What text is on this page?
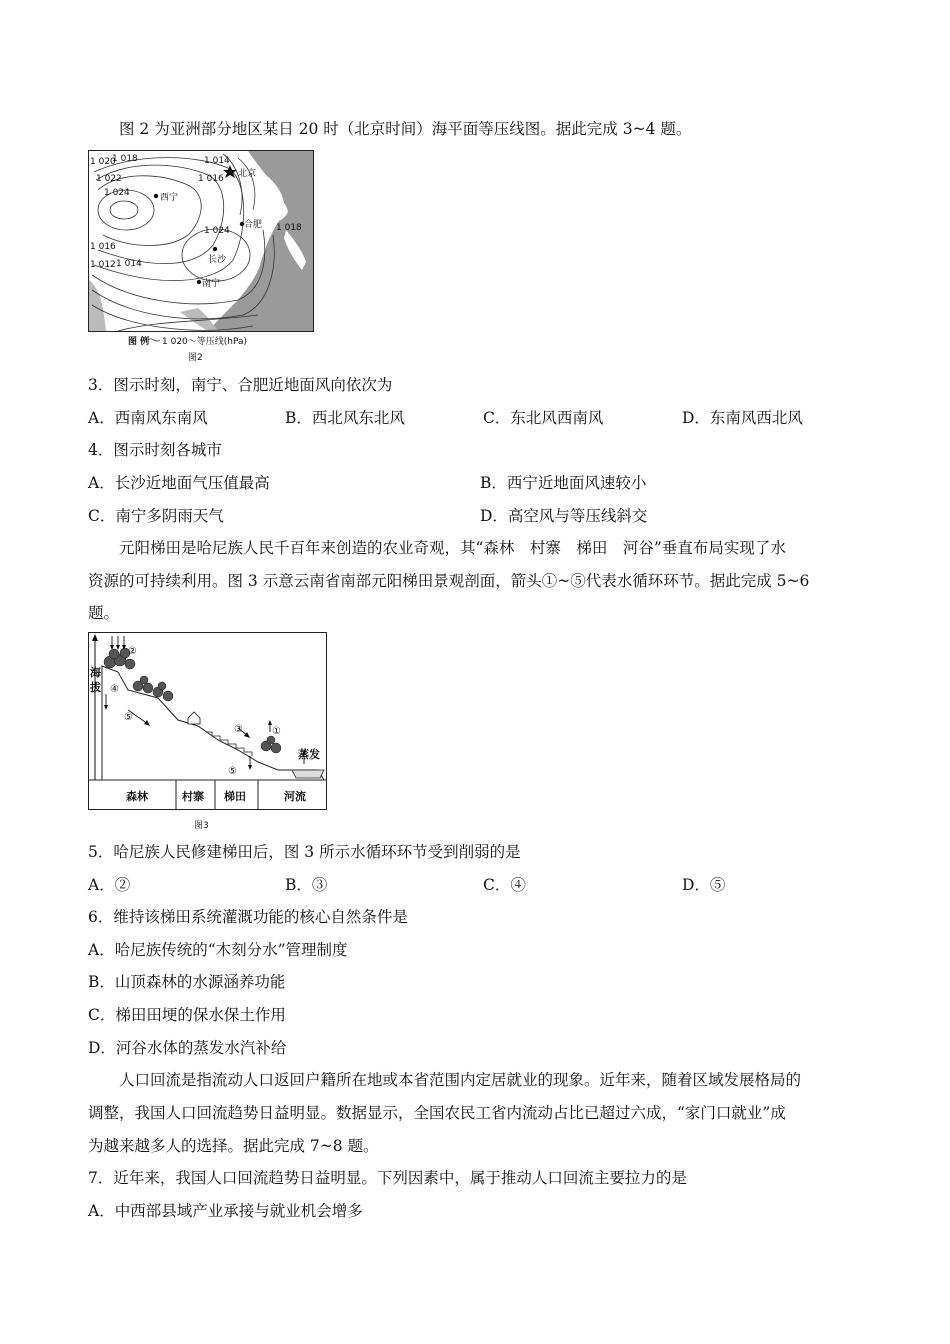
图 2 为亚洲部分地区某日 20 时（北京时间）海平面等压线图。据此完成 3~4 题。
1 020
1 018
1 022
1 024
1 014
1 016
1 024	1 018
1 016
1 012 1 014
北京
西宁
合肥
长沙
南宁
图 例 1 020～等压线(hPa)
图2
3．图示时刻，南宁、合肥近地面风向依次为
A．西南风东南风	B．西北风东北风	C．东北风西南风	D．东南风西北风
4．图示时刻各城市
A．长沙近地面气压值最高	B．西宁近地面风速较小
C．南宁多阴雨天气	D．高空风与等压线斜交
元阳梯田是哈尼族人民千百年来创造的农业奇观，其“森林　村寨　梯田　河谷”垂直布局实现了水
资源的可持续利用。图 3 示意云南省南部元阳梯田景观剖面，箭头①~⑤代表水循环环节。据此完成 5~6
题。
海
拔
②
④
⑤
③
⑤
①
蒸发
森林	村寨 梯田	河流
图3
5．哈尼族人民修建梯田后，图 3 所示水循环环节受到削弱的是
A．②	B．③	C．④	D．⑤
6．维持该梯田系统灌溉功能的核心自然条件是
A．哈尼族传统的“木刻分水”管理制度
B．山顶森林的水源涵养功能
C．梯田田埂的保水保土作用
D．河谷水体的蒸发水汽补给
人口回流是指流动人口返回户籍所在地或本省范围内定居就业的现象。近年来，随着区域发展格局的
调整，我国人口回流趋势日益明显。数据显示，全国农民工省内流动占比已超过六成，“家门口就业”成
为越来越多人的选择。据此完成 7~8 题。
7．近年来，我国人口回流趋势日益明显。下列因素中，属于推动人口回流主要拉力的是
A．中西部县域产业承接与就业机会增多
